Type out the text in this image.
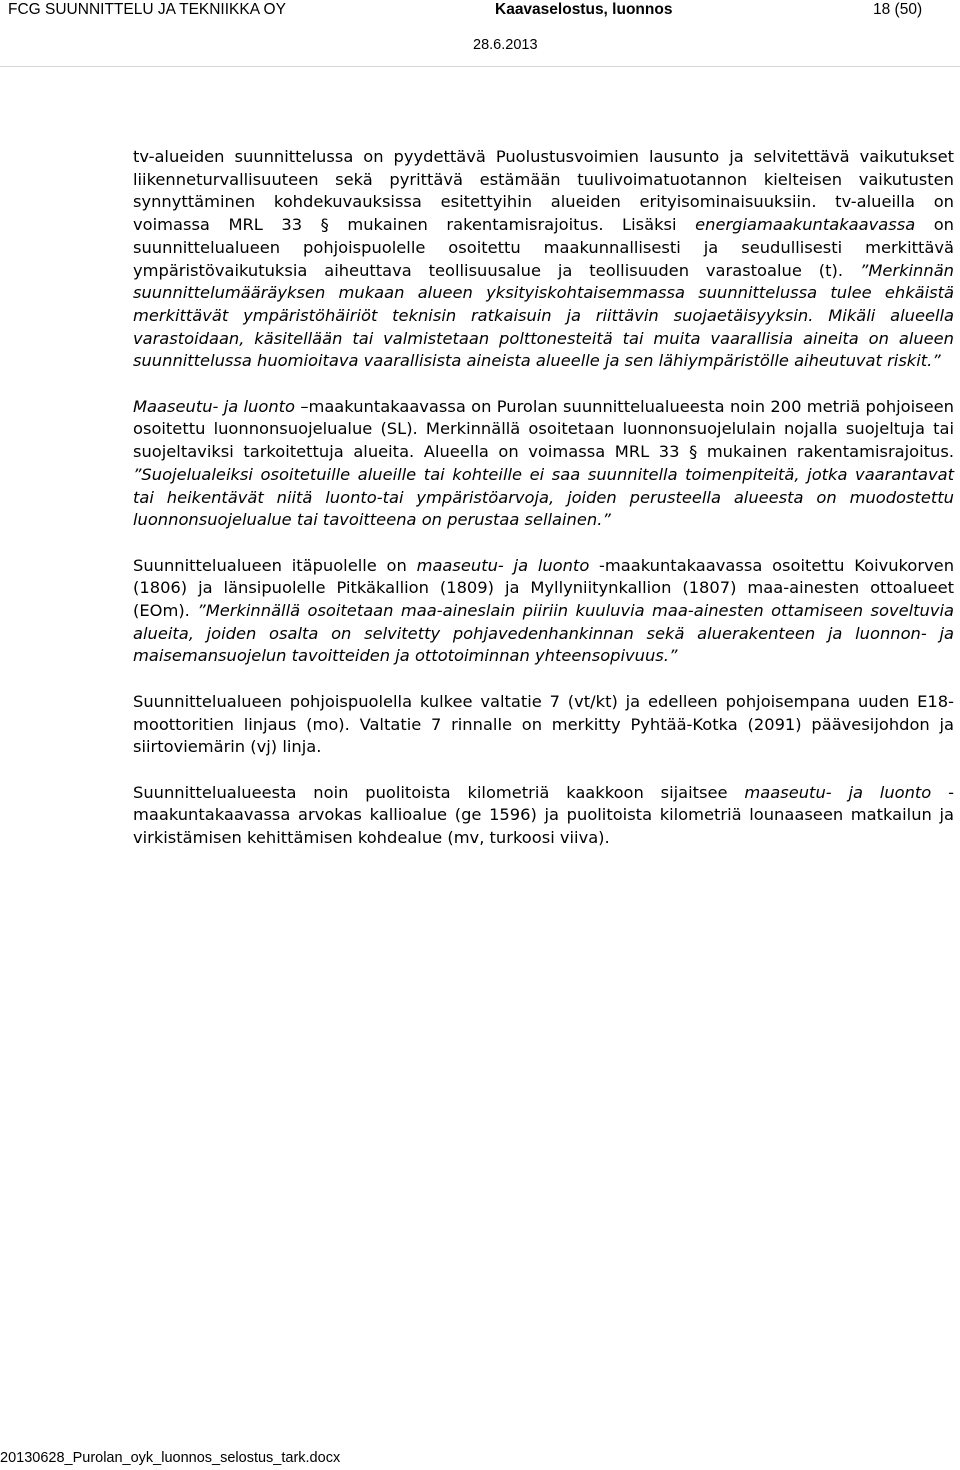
FCG SUUNNITTELU JA TEKNIIKKA OY	Kaavaselostus, luonnos	18 (50)
28.6.2013

tv-alueiden suunnittelussa on pyydettävä Puolustusvoimien lausunto ja selvitettävä vaikutukset liikenneturvallisuuteen sekä pyrittävä estämään tuulivoimatuotannon kielteisen vaikutusten synnyttäminen kohdekuvauksissa esitettyihin alueiden erityisominaisuuksiin. tv-alueilla on voimassa MRL 33 § mukainen rakentamisrajoitus. Lisäksi energiamaakuntakaavassa on suunnittelualueen pohjoispuolelle osoitettu maakunnallisesti ja seudullisesti merkittävä ympäristövaikutuksia aiheuttava teollisuusalue ja teollisuuden varastoalue (t). ”Merkinnän suunnittelumääräyksen mukaan alueen yksityiskohtaisemmassa suunnittelussa tulee ehkäistä merkittävät ympäristöhäiriöt teknisin ratkaisuin ja riittävin suojaetäisyyksin. Mikäli alueella varastoidaan, käsitellään tai valmistetaan polttonesteitä tai muita vaarallisia aineita on alueen suunnittelussa huomioitava vaarallisista aineista alueelle ja sen lähiympäristölle aiheutuvat riskit.”

Maaseutu- ja luonto –maakuntakaavassa on Purolan suunnittelualueesta noin 200 metriä pohjoiseen osoitettu luonnonsuojelualue (SL). Merkinnällä osoitetaan luonnonsuojelulain nojalla suojeltuja tai suojeltaviksi tarkoitettuja alueita. Alueella on voimassa MRL 33 § mukainen rakentamisrajoitus. ”Suojelualeiksi osoitetuille alueille tai kohteille ei saa suunnitella toimenpiteitä, jotka vaarantavat tai heikentävät niitä luonto-tai ympäristöarvoja, joiden perusteella alueesta on muodostettu luonnonsuojelualue tai tavoitteena on perustaa sellainen.”

Suunnittelualueen itäpuolelle on maaseutu- ja luonto -maakuntakaavassa osoitettu Koivukorven (1806) ja länsipuolelle Pitkäkallion (1809) ja Myllyniitynkallion (1807) maa-ainesten ottoalueet (EOm). ”Merkinnällä osoitetaan maa-aineslain piiriin kuuluvia maa-ainesten ottamiseen soveltuvia alueita, joiden osalta on selvitetty pohjavedenhankinnan sekä aluerakenteen ja luonnon- ja maisemansuojelun tavoitteiden ja ottotoiminnan yhteensopivuus.”

Suunnittelualueen pohjoispuolella kulkee valtatie 7 (vt/kt) ja edelleen pohjoisempana uuden E18-moottoritien linjaus (mo). Valtatie 7 rinnalle on merkitty Pyhtää-Kotka (2091) päävesijohdon ja siirtoviemärin (vj) linja.

Suunnittelualueesta noin puolitoista kilometriä kaakkoon sijaitsee maaseutu- ja luonto -maakuntakaavassa arvokas kallioalue (ge 1596) ja puolitoista kilometriä lounaaseen matkailun ja virkistämisen kehittämisen kohdealue (mv, turkoosi viiva).

20130628_Purolan_oyk_luonnos_selostus_tark.docx
